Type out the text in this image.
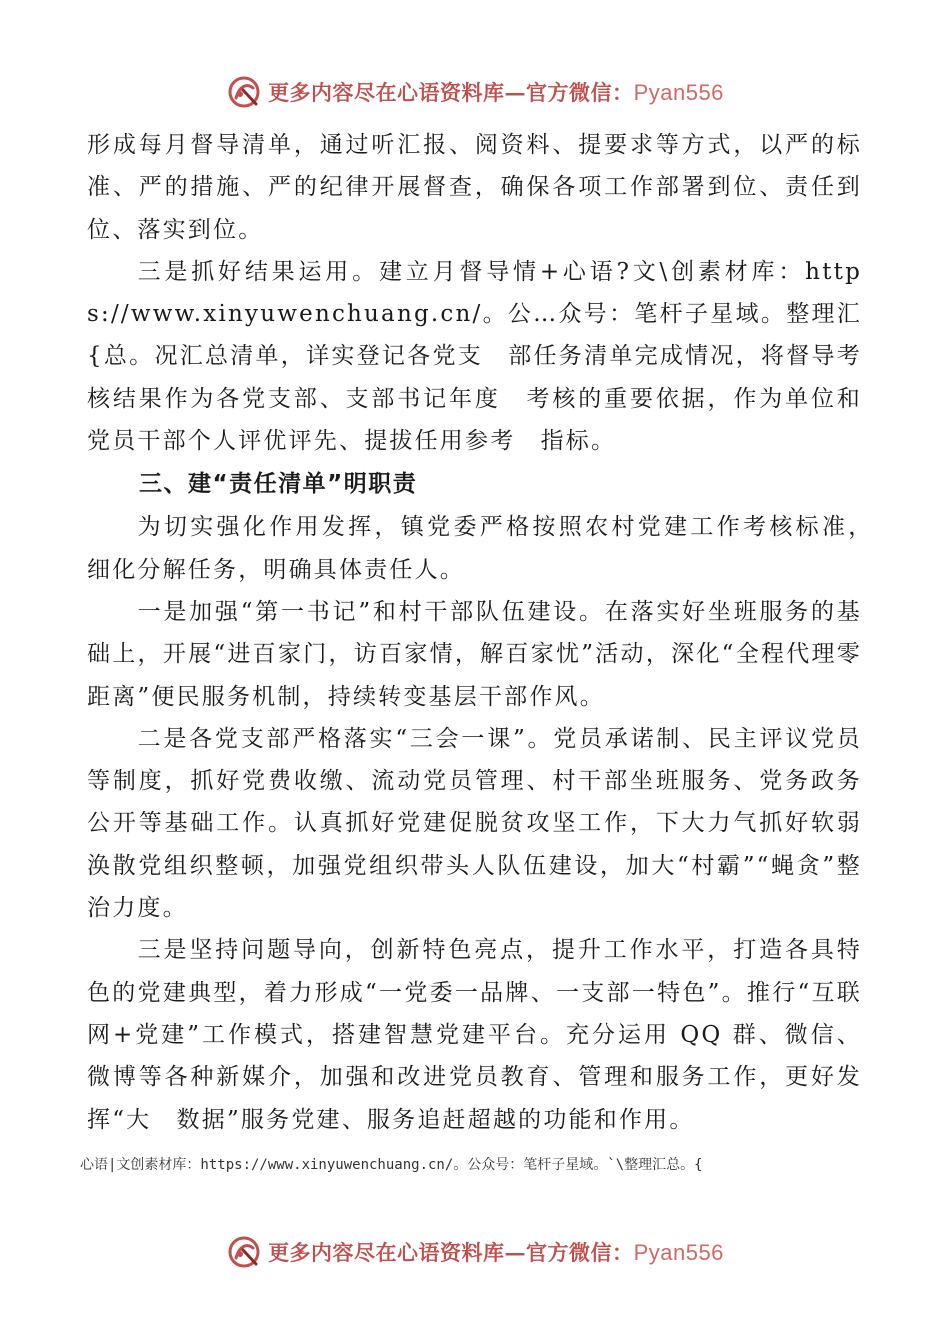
更多内容尽在心语资料库—官方微信：Pyan556

形成每月督导清单，通过听汇报、阅资料、提要求等方式，以严的标准、严的措施、严的纪律开展督查，确保各项工作部署到位、责任到位、落实到位。

三是抓好结果运用。建立月督导情+心语?文\创素材库：https://www.xinyuwenchuang.cn/。公…众号：笔杆子星域。整理汇{总。况汇总清单，详实登记各党支　部任务清单完成情况，将督导考核结果作为各党支部、支部书记年度　考核的重要依据，作为单位和党员干部个人评优评先、提拔任用参考　指标。

三、建“责任清单”明职责

为切实强化作用发挥，镇党委严格按照农村党建工作考核标准，　细化分解任务，明确具体责任人。

一是加强“第一书记”和村干部队伍建设。在落实好坐班服务的基础上，开展“进百家门，访百家情，解百家忧”活动，深化“全程代理零距离”便民服务机制，持续转变基层干部作风。

二是各党支部严格落实“三会一课”。党员承诺制、民主评议党员等制度，抓好党费收缴、流动党员管理、村干部坐班服务、党务政务公开等基础工作。认真抓好党建促脱贫攻坚工作，下大力气抓好软弱涣散党组织整顿，加强党组织带头人队伍建设，加大“村霸”“蝇贪”整治力度。

三是坚持问题导向，创新特色亮点，提升工作水平，打造各具特　色的党建典型，着力形成“一党委一品牌、一支部一特色”。推行“互联网+党建”工作模式，搭建智慧党建平台。充分运用 QQ 群、微信、微博等各种新媒介，加强和改进党员教育、管理和服务工作，更好发挥“大　数据”服务党建、服务追赶超越的功能和作用。

心语|文创素材库：https://www.xinyuwenchuang.cn/。公众号：笔杆子星域。`\整理汇总。{
更多内容尽在心语资料库—官方微信：Pyan556
